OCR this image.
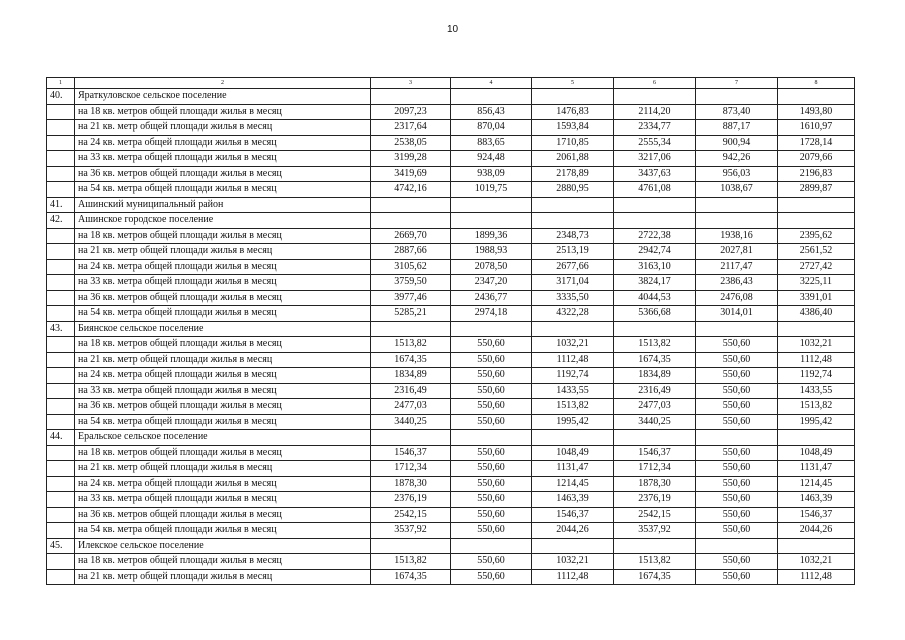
10
1	2	3	4	5	6	7	8
40.	Яраткуловское сельское поселение						
	на 18 кв. метров общей площади жилья в месяц	2097,23	856,43	1476,83	2114,20	873,40	1493,80
	на 21 кв. метр общей площади жилья в месяц	2317,64	870,04	1593,84	2334,77	887,17	1610,97
	на 24 кв. метра общей площади жилья в месяц	2538,05	883,65	1710,85	2555,34	900,94	1728,14
	на 33 кв. метра общей площади жилья в месяц	3199,28	924,48	2061,88	3217,06	942,26	2079,66
	на 36 кв. метров общей площади жилья в месяц	3419,69	938,09	2178,89	3437,63	956,03	2196,83
	на 54 кв. метра общей площади жилья в месяц	4742,16	1019,75	2880,95	4761,08	1038,67	2899,87
41.	Ашинский муниципальный район						
42.	Ашинское городское поселение						
	на 18 кв. метров общей площади жилья в месяц	2669,70	1899,36	2348,73	2722,38	1938,16	2395,62
	на 21 кв. метр общей площади жилья в месяц	2887,66	1988,93	2513,19	2942,74	2027,81	2561,52
	на 24 кв. метра общей площади жилья в месяц	3105,62	2078,50	2677,66	3163,10	2117,47	2727,42
	на 33 кв. метра общей площади жилья в месяц	3759,50	2347,20	3171,04	3824,17	2386,43	3225,11
	на 36 кв. метров общей площади жилья в месяц	3977,46	2436,77	3335,50	4044,53	2476,08	3391,01
	на 54 кв. метра общей площади жилья в месяц	5285,21	2974,18	4322,28	5366,68	3014,01	4386,40
43.	Биянское сельское поселение						
	на 18 кв. метров общей площади жилья в месяц	1513,82	550,60	1032,21	1513,82	550,60	1032,21
	на 21 кв. метр общей площади жилья в месяц	1674,35	550,60	1112,48	1674,35	550,60	1112,48
	на 24 кв. метра общей площади жилья в месяц	1834,89	550,60	1192,74	1834,89	550,60	1192,74
	на 33 кв. метра общей площади жилья в месяц	2316,49	550,60	1433,55	2316,49	550,60	1433,55
	на 36 кв. метров общей площади жилья в месяц	2477,03	550,60	1513,82	2477,03	550,60	1513,82
	на 54 кв. метра общей площади жилья в месяц	3440,25	550,60	1995,42	3440,25	550,60	1995,42
44.	Еральское сельское поселение						
	на 18 кв. метров общей площади жилья в месяц	1546,37	550,60	1048,49	1546,37	550,60	1048,49
	на 21 кв. метр общей площади жилья в месяц	1712,34	550,60	1131,47	1712,34	550,60	1131,47
	на 24 кв. метра общей площади жилья в месяц	1878,30	550,60	1214,45	1878,30	550,60	1214,45
	на 33 кв. метра общей площади жилья в месяц	2376,19	550,60	1463,39	2376,19	550,60	1463,39
	на 36 кв. метров общей площади жилья в месяц	2542,15	550,60	1546,37	2542,15	550,60	1546,37
	на 54 кв. метра общей площади жилья в месяц	3537,92	550,60	2044,26	3537,92	550,60	2044,26
45.	Илекское сельское поселение						
	на 18 кв. метров общей площади жилья в месяц	1513,82	550,60	1032,21	1513,82	550,60	1032,21
	на 21 кв. метр общей площади жилья в месяц	1674,35	550,60	1112,48	1674,35	550,60	1112,48
